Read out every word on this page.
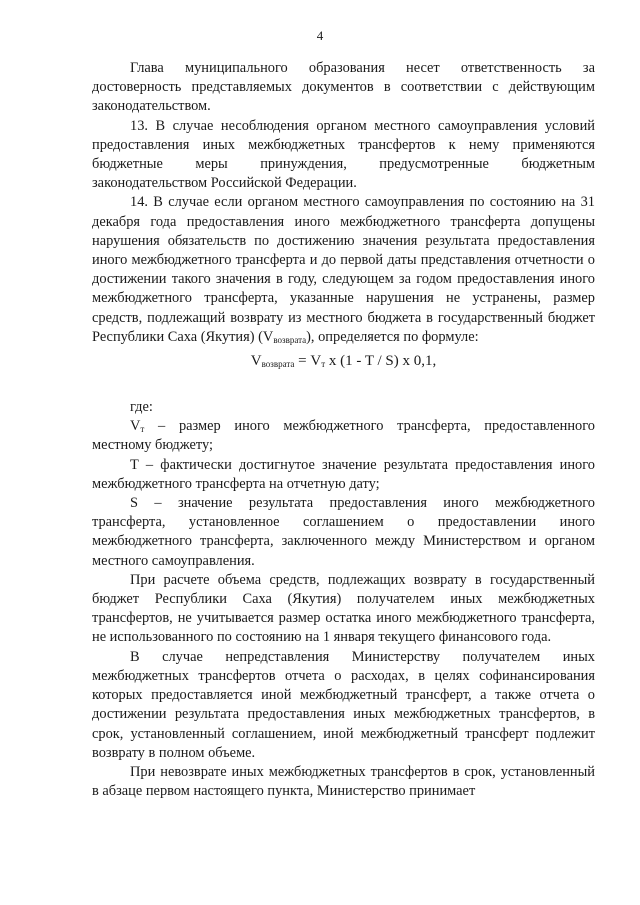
4

Глава муниципального образования несет ответственность за достоверность представляемых документов в соответствии с действующим законодательством.

13. В случае несоблюдения органом местного самоуправления условий предоставления иных межбюджетных трансфертов к нему применяются бюджетные меры принуждения, предусмотренные бюджетным законодательством Российской Федерации.

14. В случае если органом местного самоуправления по состоянию на 31 декабря года предоставления иного межбюджетного трансферта допущены нарушения обязательств по достижению значения результата предоставления иного межбюджетного трансферта и до первой даты представления отчетности о достижении такого значения в году, следующем за годом предоставления иного межбюджетного трансферта, указанные нарушения не устранены, размер средств, подлежащий возврату из местного бюджета в государственный бюджет Республики Саха (Якутия) $(V_{возврата})$, определяется по формуле:

$V_{возврата} = V_т$ x (1 - T / S) x 0,1,

где:

$V_т$ – размер иного межбюджетного трансферта, предоставленного местному бюджету;

Т – фактически достигнутое значение результата предоставления иного межбюджетного трансферта на отчетную дату;

S – значение результата предоставления иного межбюджетного трансферта, установленное соглашением о предоставлении иного межбюджетного трансферта, заключенного между Министерством и органом местного самоуправления.

При расчете объема средств, подлежащих возврату в государственный бюджет Республики Саха (Якутия) получателем иных межбюджетных трансфертов, не учитывается размер остатка иного межбюджетного трансферта, не использованного по состоянию на 1 января текущего финансового года.

В случае непредставления Министерству получателем иных межбюджетных трансфертов отчета о расходах, в целях софинансирования которых предоставляется иной межбюджетный трансферт, а также отчета о достижении результата предоставления иных межбюджетных трансфертов, в срок, установленный соглашением, иной межбюджетный трансферт подлежит возврату в полном объеме.

При невозврате иных межбюджетных трансфертов в срок, установленный в абзаце первом настоящего пункта, Министерство принимает
